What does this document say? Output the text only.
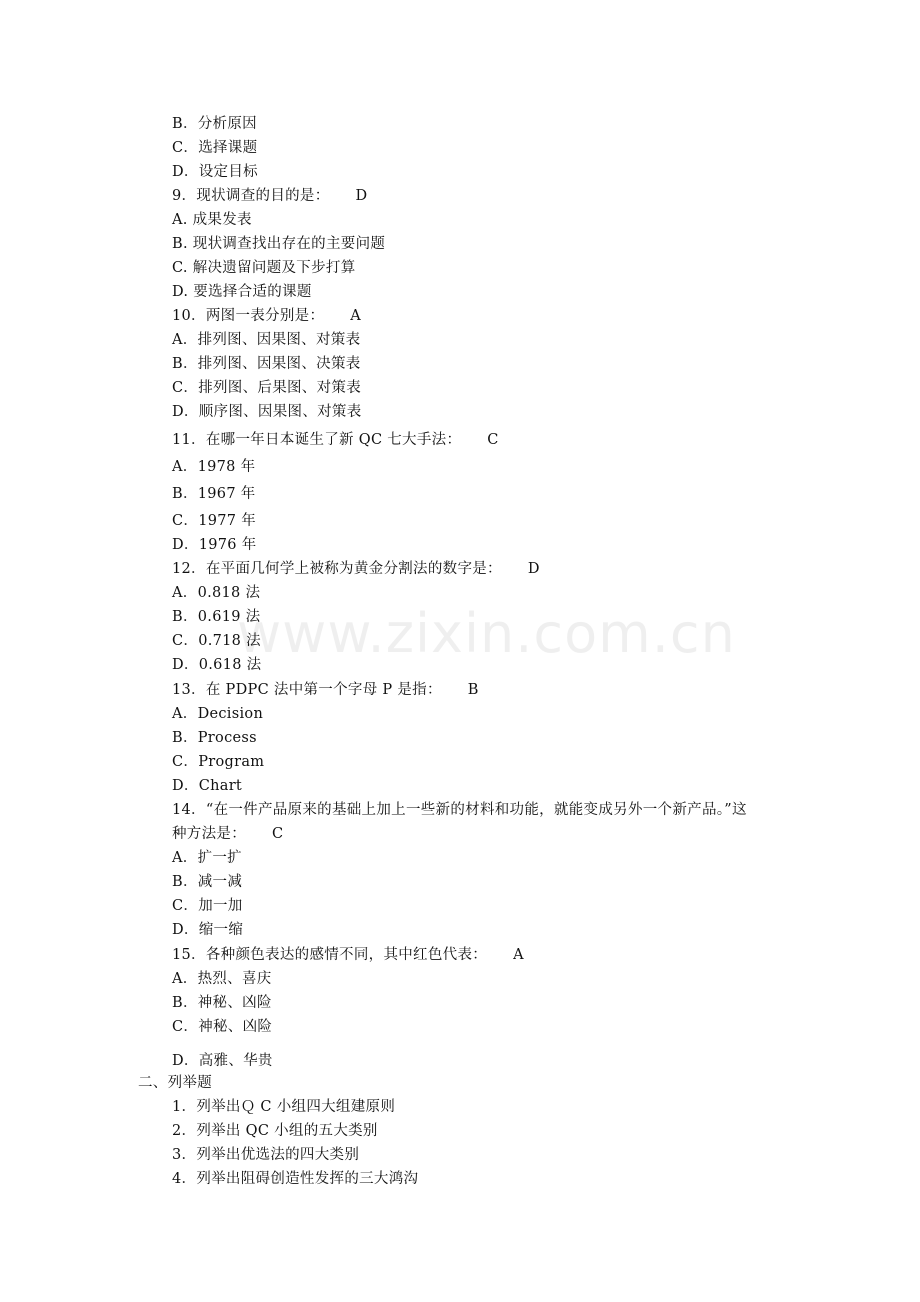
B．分析原因
C．选择课题
D．设定目标
9．现状调查的目的是： D
A. 成果发表
B. 现状调查找出存在的主要问题
C. 解决遗留问题及下步打算
D. 要选择合适的课题
10．两图一表分别是： A
A．排列图、因果图、对策表
B．排列图、因果图、决策表
C．排列图、后果图、对策表
D．顺序图、因果图、对策表
11．在哪一年日本诞生了新 QC 七大手法： C
A．1978 年
B．1967 年
C．1977 年
D．1976 年
12．在平面几何学上被称为黄金分割法的数字是： D
A．0.818 法
B．0.619 法
C．0.718 法
D．0.618 法
13．在 PDPC 法中第一个字母 P 是指： B
A．Decision
B．Process
C．Program
D．Chart
14．“在一件产品原来的基础上加上一些新的材料和功能，就能变成另外一个新产品。”这
种方法是： C
A．扩一扩
B．减一减
C．加一加
D．缩一缩
15．各种颜色表达的感情不同，其中红色代表： A
A．热烈、喜庆
B．神秘、凶险
C．神秘、凶险
D．高雅、华贵
二、列举题
1．列举出Ｑ C 小组四大组建原则
2．列举出 QC 小组的五大类别
3．列举出优选法的四大类别
4．列举出阻碍创造性发挥的三大鸿沟
www.zixin.com.cn
